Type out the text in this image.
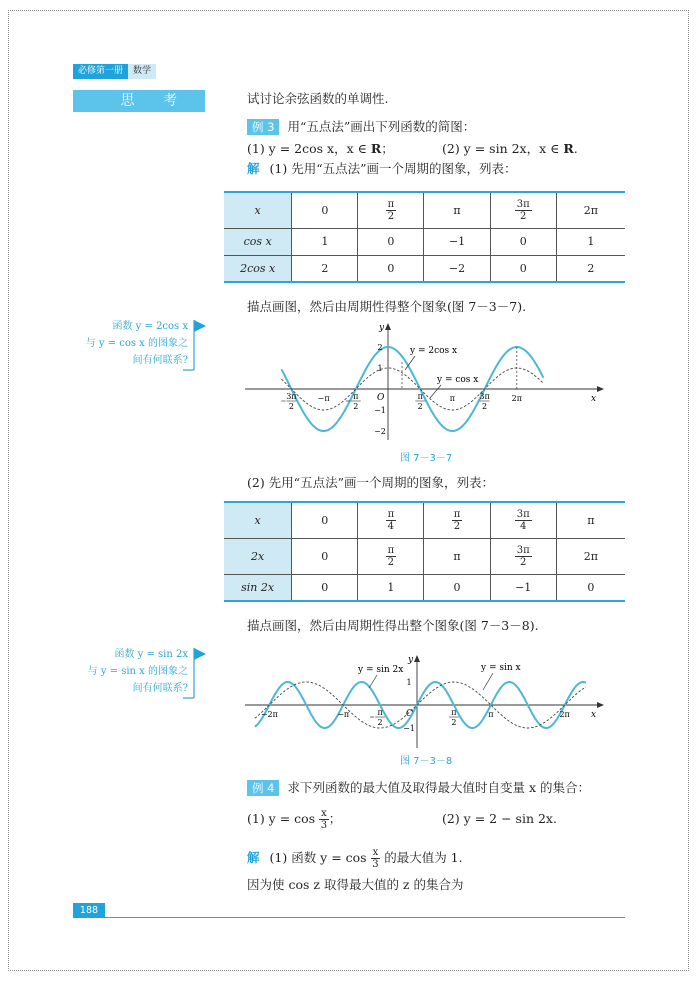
必修第一册	数学
思 考	试讨论余弦函数的单调性.
例 3 用“五点法”画出下列函数的简图：
(1) y = 2cos x，x ∈ R；	(2) y = sin 2x，x ∈ R.
解 (1) 先用“五点法”画一个周期的图象，列表：
x	0	$\frac{\pi}{2}$	π	$\frac{3\pi}{2}$	2π
cos x	1	0	−1	0	1
2cos x	2	0	−2	0	2
描点画图，然后由周期性得整个图象(图 7－3－7).
函数 y = 2cos x
与 y = cos x 的图象之
间有何联系?
x
y
O
3π
2
−π	π
2
π
2
π	3π
2
2π
2
1
−1
−2
y = 2cos x
y = cos x
图 7－3－7
(2) 先用“五点法”画一个周期的图象，列表：
x	0	$\frac{\pi}{4}$	$\frac{\pi}{2}$	$\frac{3\pi}{4}$	π
2x	0	$\frac{\pi}{2}$	π	$\frac{3\pi}{2}$	2π
sin 2x	0	1	0	−1	0
描点画图，然后由周期性得出整个图象(图 7－3－8).
函数 y = sin 2x
与 y = sin x 的图象之
间有何联系?
x
y
O
−2π	−π	π
2
π
2
π	2π
1
−1
y = sin 2x	y = sin x
图 7－3－8
例 4 求下列函数的最大值及取得最大值时自变量 x 的集合：
(1) $y = \cos \frac{x}{3}$ ；	(2) y = 2 − sin 2x.
解 (1) 函数 $y = \cos \frac{x}{3}$ 的最大值为 1.
因为使 cos z 取得最大值的 z 的集合为
188
